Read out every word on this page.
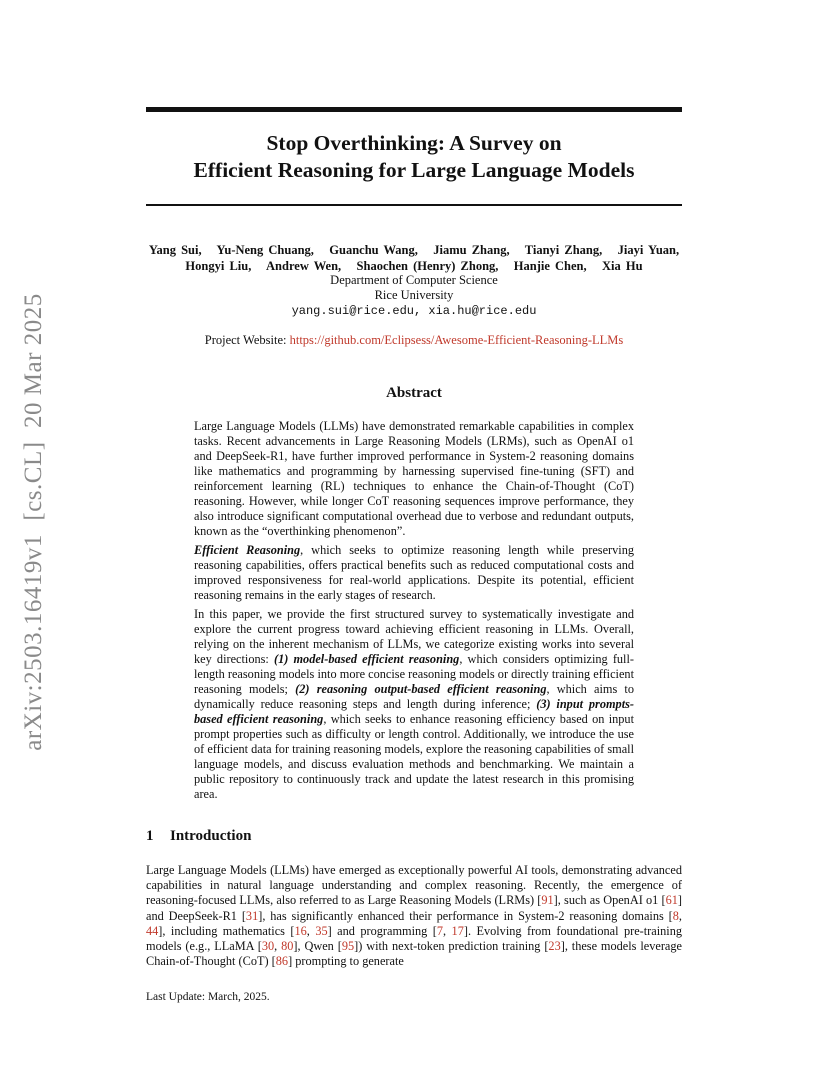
arXiv:2503.16419v1  [cs.CL]  20 Mar 2025
Stop Overthinking: A Survey on
Efficient Reasoning for Large Language Models
Yang Sui,   Yu-Neng Chuang,   Guanchu Wang,   Jiamu Zhang,   Tianyi Zhang,   Jiayi Yuan,
Hongyi Liu,   Andrew Wen,   Shaochen (Henry) Zhong,   Hanjie Chen,   Xia Hu
Department of Computer Science
Rice University
yang.sui@rice.edu, xia.hu@rice.edu
Project Website: https://github.com/Eclipsess/Awesome-Efficient-Reasoning-LLMs
Abstract

Large Language Models (LLMs) have demonstrated remarkable capabilities in complex tasks. Recent advancements in Large Reasoning Models (LRMs), such as OpenAI o1 and DeepSeek-R1, have further improved performance in System-2 reasoning domains like mathematics and programming by harnessing supervised fine-tuning (SFT) and reinforcement learning (RL) techniques to enhance the Chain-of-Thought (CoT) reasoning. However, while longer CoT reasoning sequences improve performance, they also introduce significant computational overhead due to verbose and redundant outputs, known as the “overthinking phenomenon”.

Efficient Reasoning, which seeks to optimize reasoning length while preserving reasoning capabilities, offers practical benefits such as reduced computational costs and improved responsiveness for real-world applications. Despite its potential, efficient reasoning remains in the early stages of research.

In this paper, we provide the first structured survey to systematically investigate and explore the current progress toward achieving efficient reasoning in LLMs. Overall, relying on the inherent mechanism of LLMs, we categorize existing works into several key directions: (1) model-based efficient reasoning, which considers optimizing full-length reasoning models into more concise reasoning models or directly training efficient reasoning models; (2) reasoning output-based efficient reasoning, which aims to dynamically reduce reasoning steps and length during inference; (3) input prompts-based efficient reasoning, which seeks to enhance reasoning efficiency based on input prompt properties such as difficulty or length control. Additionally, we introduce the use of efficient data for training reasoning models, explore the reasoning capabilities of small language models, and discuss evaluation methods and benchmarking. We maintain a public repository to continuously track and update the latest research in this promising area.

1 Introduction

Large Language Models (LLMs) have emerged as exceptionally powerful AI tools, demonstrating advanced capabilities in natural language understanding and complex reasoning. Recently, the emergence of reasoning-focused LLMs, also referred to as Large Reasoning Models (LRMs) [91], such as OpenAI o1 [61] and DeepSeek-R1 [31], has significantly enhanced their performance in System-2 reasoning domains [8, 44], including mathematics [16, 35] and programming [7, 17]. Evolving from foundational pre-training models (e.g., LLaMA [30, 80], Qwen [95]) with next-token prediction training [23], these models leverage Chain-of-Thought (CoT) [86] prompting to generate

Last Update: March, 2025.
